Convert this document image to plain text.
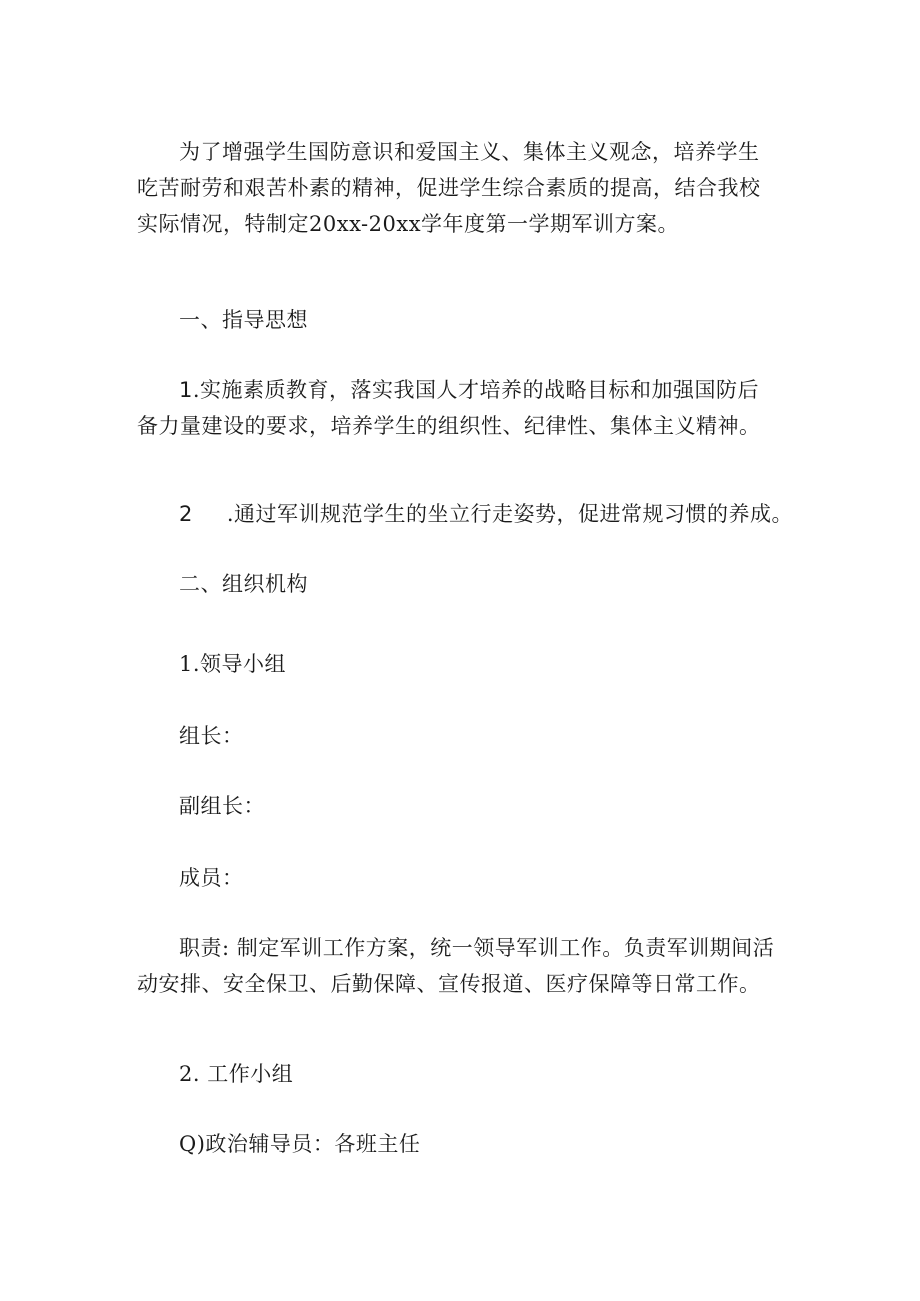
为了增强学生国防意识和爱国主义、集体主义观念，培养学生吃苦耐劳和艰苦朴素的精神，促进学生综合素质的提高，结合我校实际情况，特制定20xx-20xx学年度第一学期军训方案。

一、指导思想

1.实施素质教育，落实我国人才培养的战略目标和加强国防后备力量建设的要求，培养学生的组织性、纪律性、集体主义精神。

2 .通过军训规范学生的坐立行走姿势，促进常规习惯的养成。

二、组织机构

1.领导小组

组长：

副组长：

成员：

职责: 制定军训工作方案，统一领导军训工作。负责军训期间活动安排、安全保卫、后勤保障、宣传报道、医疗保障等日常工作。

2. 工作小组

Q)政治辅导员：各班主任
